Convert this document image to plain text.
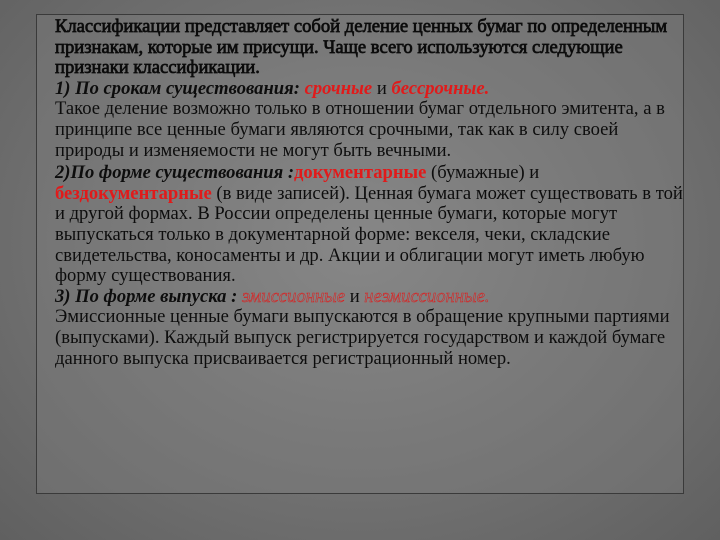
Классификации представляет собой деление ценных бумаг по определенным признакам, которые им присущи. Чаще всего используются следующие признаки классификации.

1) По срокам существования: срочные и бессрочные.

Такое деление возможно только в отношении бумаг отдельного эмитента, а в принципе все ценные бумаги являются срочными, так как в силу своей природы и изменяемости не могут быть вечными.

2)По форме существования :документарные (бумажные) и бездокументарные (в виде записей). Ценная бумага может существовать в той и другой формах. В России определены ценные бумаги, которые могут выпускаться только в документарной форме: векселя, чеки, складские свидетельства, коносаменты и др. Акции и облигации могут иметь любую форму существования.

3) По форме выпуска : эмиссионные и неэмиссионные.

Эмиссионные ценные бумаги выпускаются в обращение крупными партиями (выпусками). Каждый выпуск регистрируется государством и каждой бумаге данного выпуска присваивается регистрационный номер.
